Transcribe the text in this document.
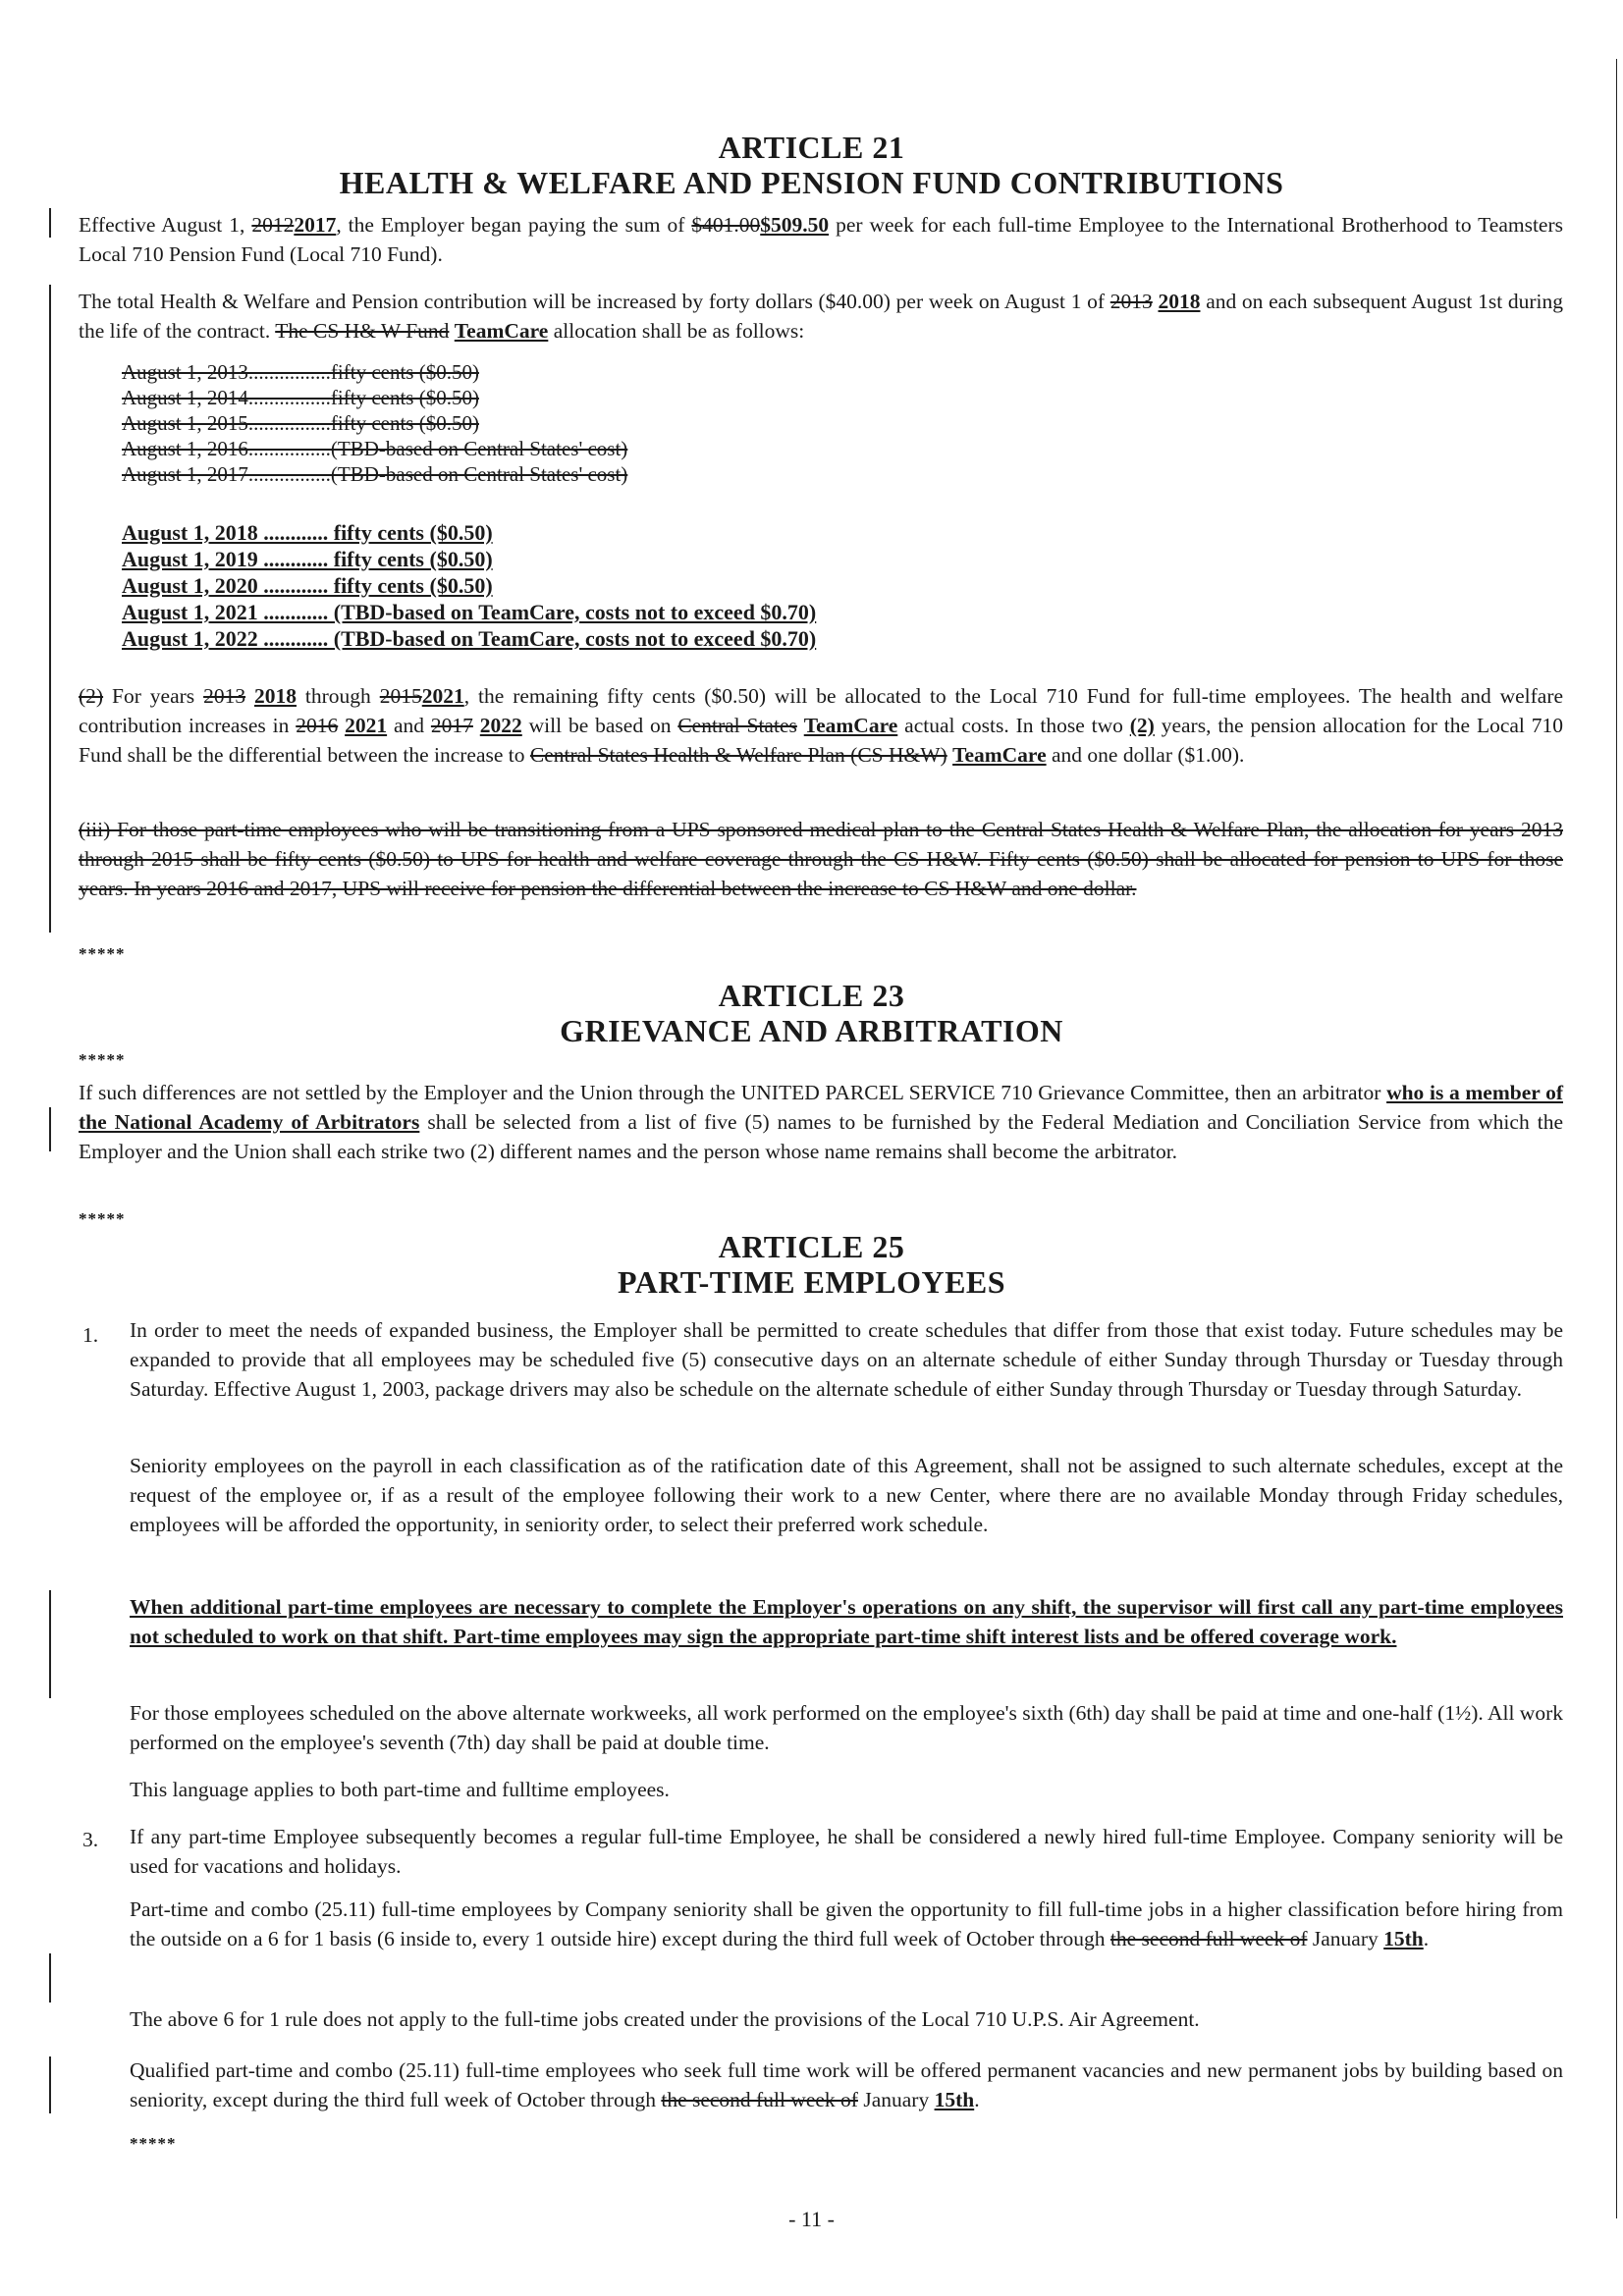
ARTICLE 21
HEALTH & WELFARE AND PENSION FUND CONTRIBUTIONS
Effective August 1, 20122017, the Employer began paying the sum of $401.00$509.50 per week for each full-time Employee to the International Brotherhood to Teamsters Local 710 Pension Fund (Local 710 Fund).
The total Health & Welfare and Pension contribution will be increased by forty dollars ($40.00) per week on August 1 of 2013 2018 and on each subsequent August 1st during the life of the contract. The CS H& W Fund TeamCare allocation shall be as follows:
August 1, 2013................fifty cents ($0.50)
August 1, 2014................fifty cents ($0.50)
August 1, 2015................fifty cents ($0.50)
August 1, 2016................(TBD-based on Central States' cost)
August 1, 2017................(TBD-based on Central States' cost)
August 1, 2018 ............ fifty cents ($0.50)
August 1, 2019 ............ fifty cents ($0.50)
August 1, 2020 ............ fifty cents ($0.50)
August 1, 2021 ............ (TBD-based on TeamCare, costs not to exceed $0.70)
August 1, 2022 ............ (TBD-based on TeamCare, costs not to exceed $0.70)
(2) For years 2013 2018 through 20152021, the remaining fifty cents ($0.50) will be allocated to the Local 710 Fund for full-time employees. The health and welfare contribution increases in 2016 2021 and 2017 2022 will be based on Central States TeamCare actual costs. In those two (2) years, the pension allocation for the Local 710 Fund shall be the differential between the increase to Central States Health & Welfare Plan (CS H&W) TeamCare and one dollar ($1.00).
(iii) For those part-time employees who will be transitioning from a UPS sponsored medical plan to the Central States Health & Welfare Plan, the allocation for years 2013 through 2015 shall be fifty cents ($0.50) to UPS for health and welfare coverage through the CS H&W. Fifty cents ($0.50) shall be allocated for pension to UPS for those years. In years 2016 and 2017, UPS will receive for pension the differential between the increase to CS H&W and one dollar.
*****
ARTICLE 23
GRIEVANCE AND ARBITRATION
*****
If such differences are not settled by the Employer and the Union through the UNITED PARCEL SERVICE 710 Grievance Committee, then an arbitrator who is a member of the National Academy of Arbitrators shall be selected from a list of five (5) names to be furnished by the Federal Mediation and Conciliation Service from which the Employer and the Union shall each strike two (2) different names and the person whose name remains shall become the arbitrator.
*****
ARTICLE 25
PART-TIME EMPLOYEES
1. In order to meet the needs of expanded business, the Employer shall be permitted to create schedules that differ from those that exist today. Future schedules may be expanded to provide that all employees may be scheduled five (5) consecutive days on an alternate schedule of either Sunday through Thursday or Tuesday through Saturday. Effective August 1, 2003, package drivers may also be schedule on the alternate schedule of either Sunday through Thursday or Tuesday through Saturday.
Seniority employees on the payroll in each classification as of the ratification date of this Agreement, shall not be assigned to such alternate schedules, except at the request of the employee or, if as a result of the employee following their work to a new Center, where there are no available Monday through Friday schedules, employees will be afforded the opportunity, in seniority order, to select their preferred work schedule.
When additional part-time employees are necessary to complete the Employer's operations on any shift, the supervisor will first call any part-time employees not scheduled to work on that shift. Part-time employees may sign the appropriate part-time shift interest lists and be offered coverage work.
For those employees scheduled on the above alternate workweeks, all work performed on the employee's sixth (6th) day shall be paid at time and one-half (1½). All work performed on the employee's seventh (7th) day shall be paid at double time.
This language applies to both part-time and fulltime employees.
3. If any part-time Employee subsequently becomes a regular full-time Employee, he shall be considered a newly hired full-time Employee. Company seniority will be used for vacations and holidays.
Part-time and combo (25.11) full-time employees by Company seniority shall be given the opportunity to fill full-time jobs in a higher classification before hiring from the outside on a 6 for 1 basis (6 inside to, every 1 outside hire) except during the third full week of October through the second full week of January 15th.
The above 6 for 1 rule does not apply to the full-time jobs created under the provisions of the Local 710 U.P.S. Air Agreement.
Qualified part-time and combo (25.11) full-time employees who seek full time work will be offered permanent vacancies and new permanent jobs by building based on seniority, except during the third full week of October through the second full week of January 15th.
*****
- 11 -
